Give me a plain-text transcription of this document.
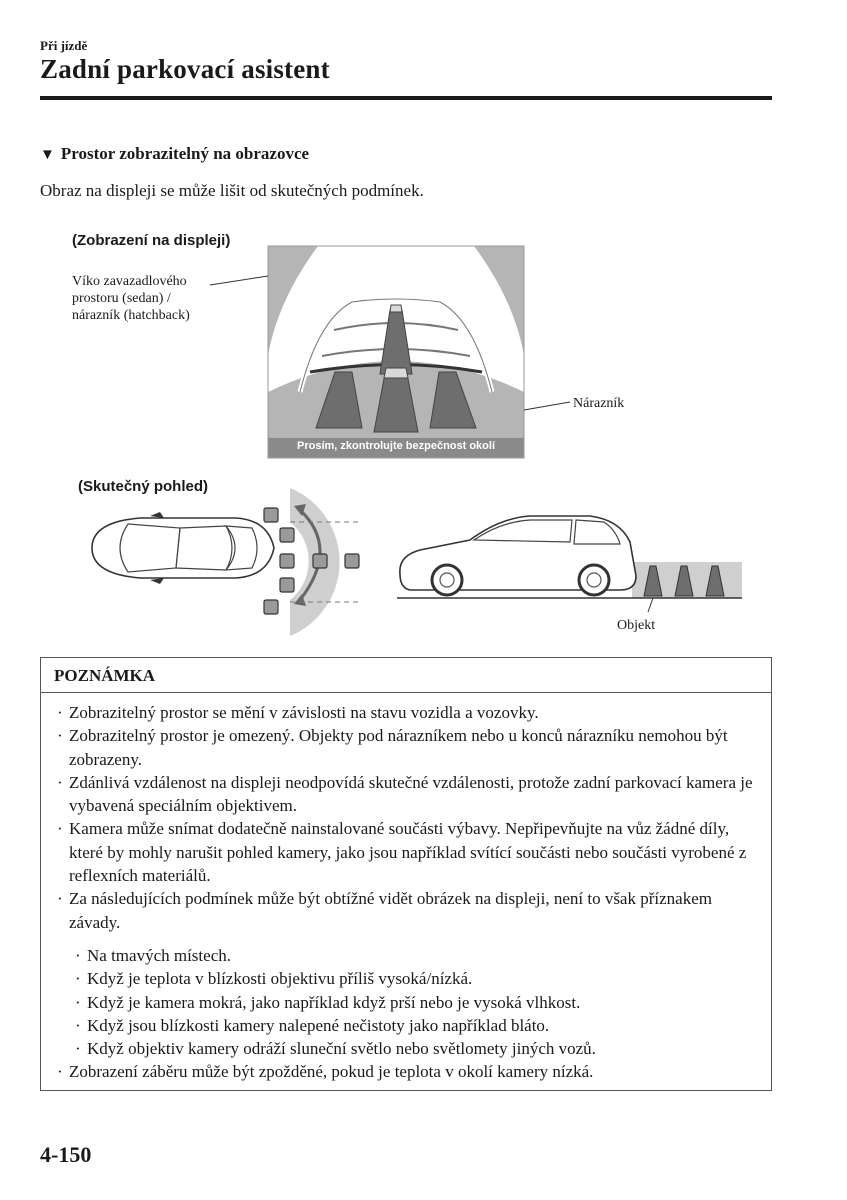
Při jízdě
Zadní parkovací asistent
▼ Prostor zobrazitelný na obrazovce
Obraz na displeji se může lišit od skutečných podmínek.
(Zobrazení na displeji)
Víko zavazadlového
prostoru (sedan) /
nárazník (hatchback)
Nárazník
Prosím, zkontrolujte bezpečnost okolí
(Skutečný pohled)
Objekt
POZNÁMKA
· Zobrazitelný prostor se mění v závislosti na stavu vozidla a vozovky.
· Zobrazitelný prostor je omezený. Objekty pod nárazníkem nebo u konců nárazníku nemohou být zobrazeny.
· Zdánlivá vzdálenost na displeji neodpovídá skutečné vzdálenosti, protože zadní parkovací kamera je vybavená speciálním objektivem.
· Kamera může snímat dodatečně nainstalované součásti výbavy. Nepřipevňujte na vůz žádné díly, které by mohly narušit pohled kamery, jako jsou například svítící součásti nebo součásti vyrobené z reflexních materiálů.
· Za následujících podmínek může být obtížné vidět obrázek na displeji, není to však příznakem závady.
· Na tmavých místech.
· Když je teplota v blízkosti objektivu příliš vysoká/nízká.
· Když je kamera mokrá, jako například když prší nebo je vysoká vlhkost.
· Když jsou blízkosti kamery nalepené nečistoty jako například bláto.
· Když objektiv kamery odráží sluneční světlo nebo světlomety jiných vozů.
· Zobrazení záběru může být zpožděné, pokud je teplota v okolí kamery nízká.
4-150
